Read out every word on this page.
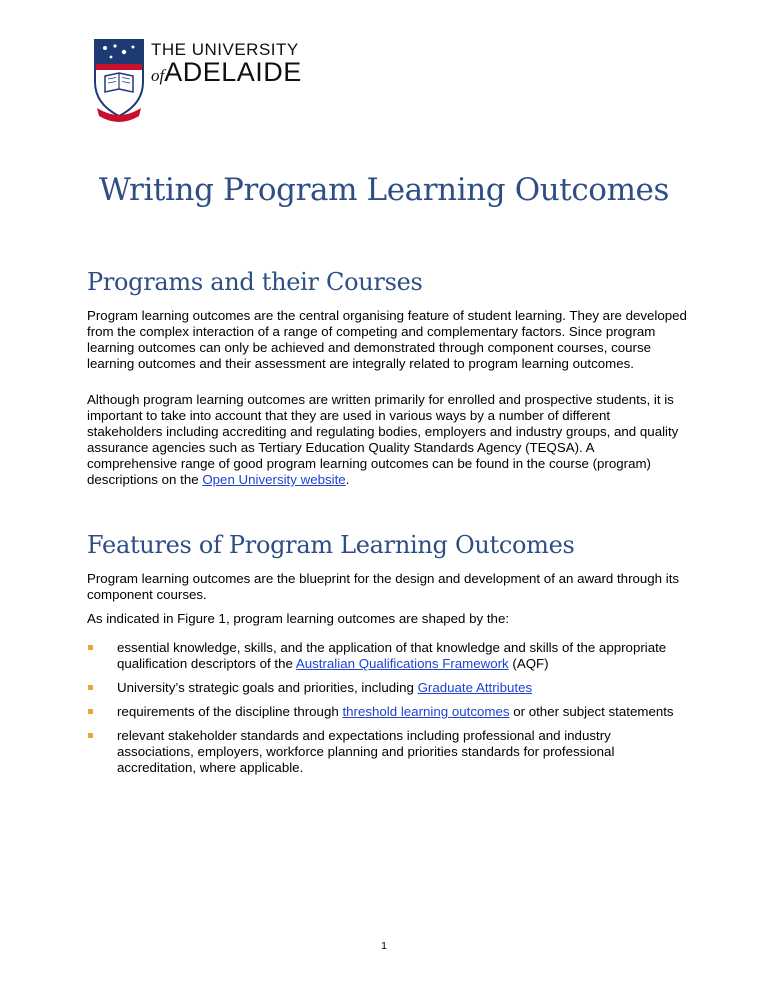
THE UNIVERSITY
ofADELAIDE
Writing Program Learning Outcomes
Programs and their Courses

Program learning outcomes are the central organising feature of student learning. They are developed from the complex interaction of a range of competing and complementary factors. Since program learning outcomes can only be achieved and demonstrated through component courses, course learning outcomes and their assessment are integrally related to program learning outcomes.

Although program learning outcomes are written primarily for enrolled and prospective students, it is important to take into account that they are used in various ways by a number of different stakeholders including accrediting and regulating bodies, employers and industry groups, and quality assurance agencies such as Tertiary Education Quality Standards Agency (TEQSA). A comprehensive range of good program learning outcomes can be found in the course (program) descriptions on the Open University website.

Features of Program Learning Outcomes

Program learning outcomes are the blueprint for the design and development of an award through its component courses.

As indicated in Figure 1, program learning outcomes are shaped by the:

essential knowledge, skills, and the application of that knowledge and skills of the appropriate qualification descriptors of the Australian Qualifications Framework (AQF)
University’s strategic goals and priorities, including Graduate Attributes
requirements of the discipline through threshold learning outcomes or other subject statements
relevant stakeholder standards and expectations including professional and industry associations, employers, workforce planning and priorities standards for professional accreditation, where applicable.
1
